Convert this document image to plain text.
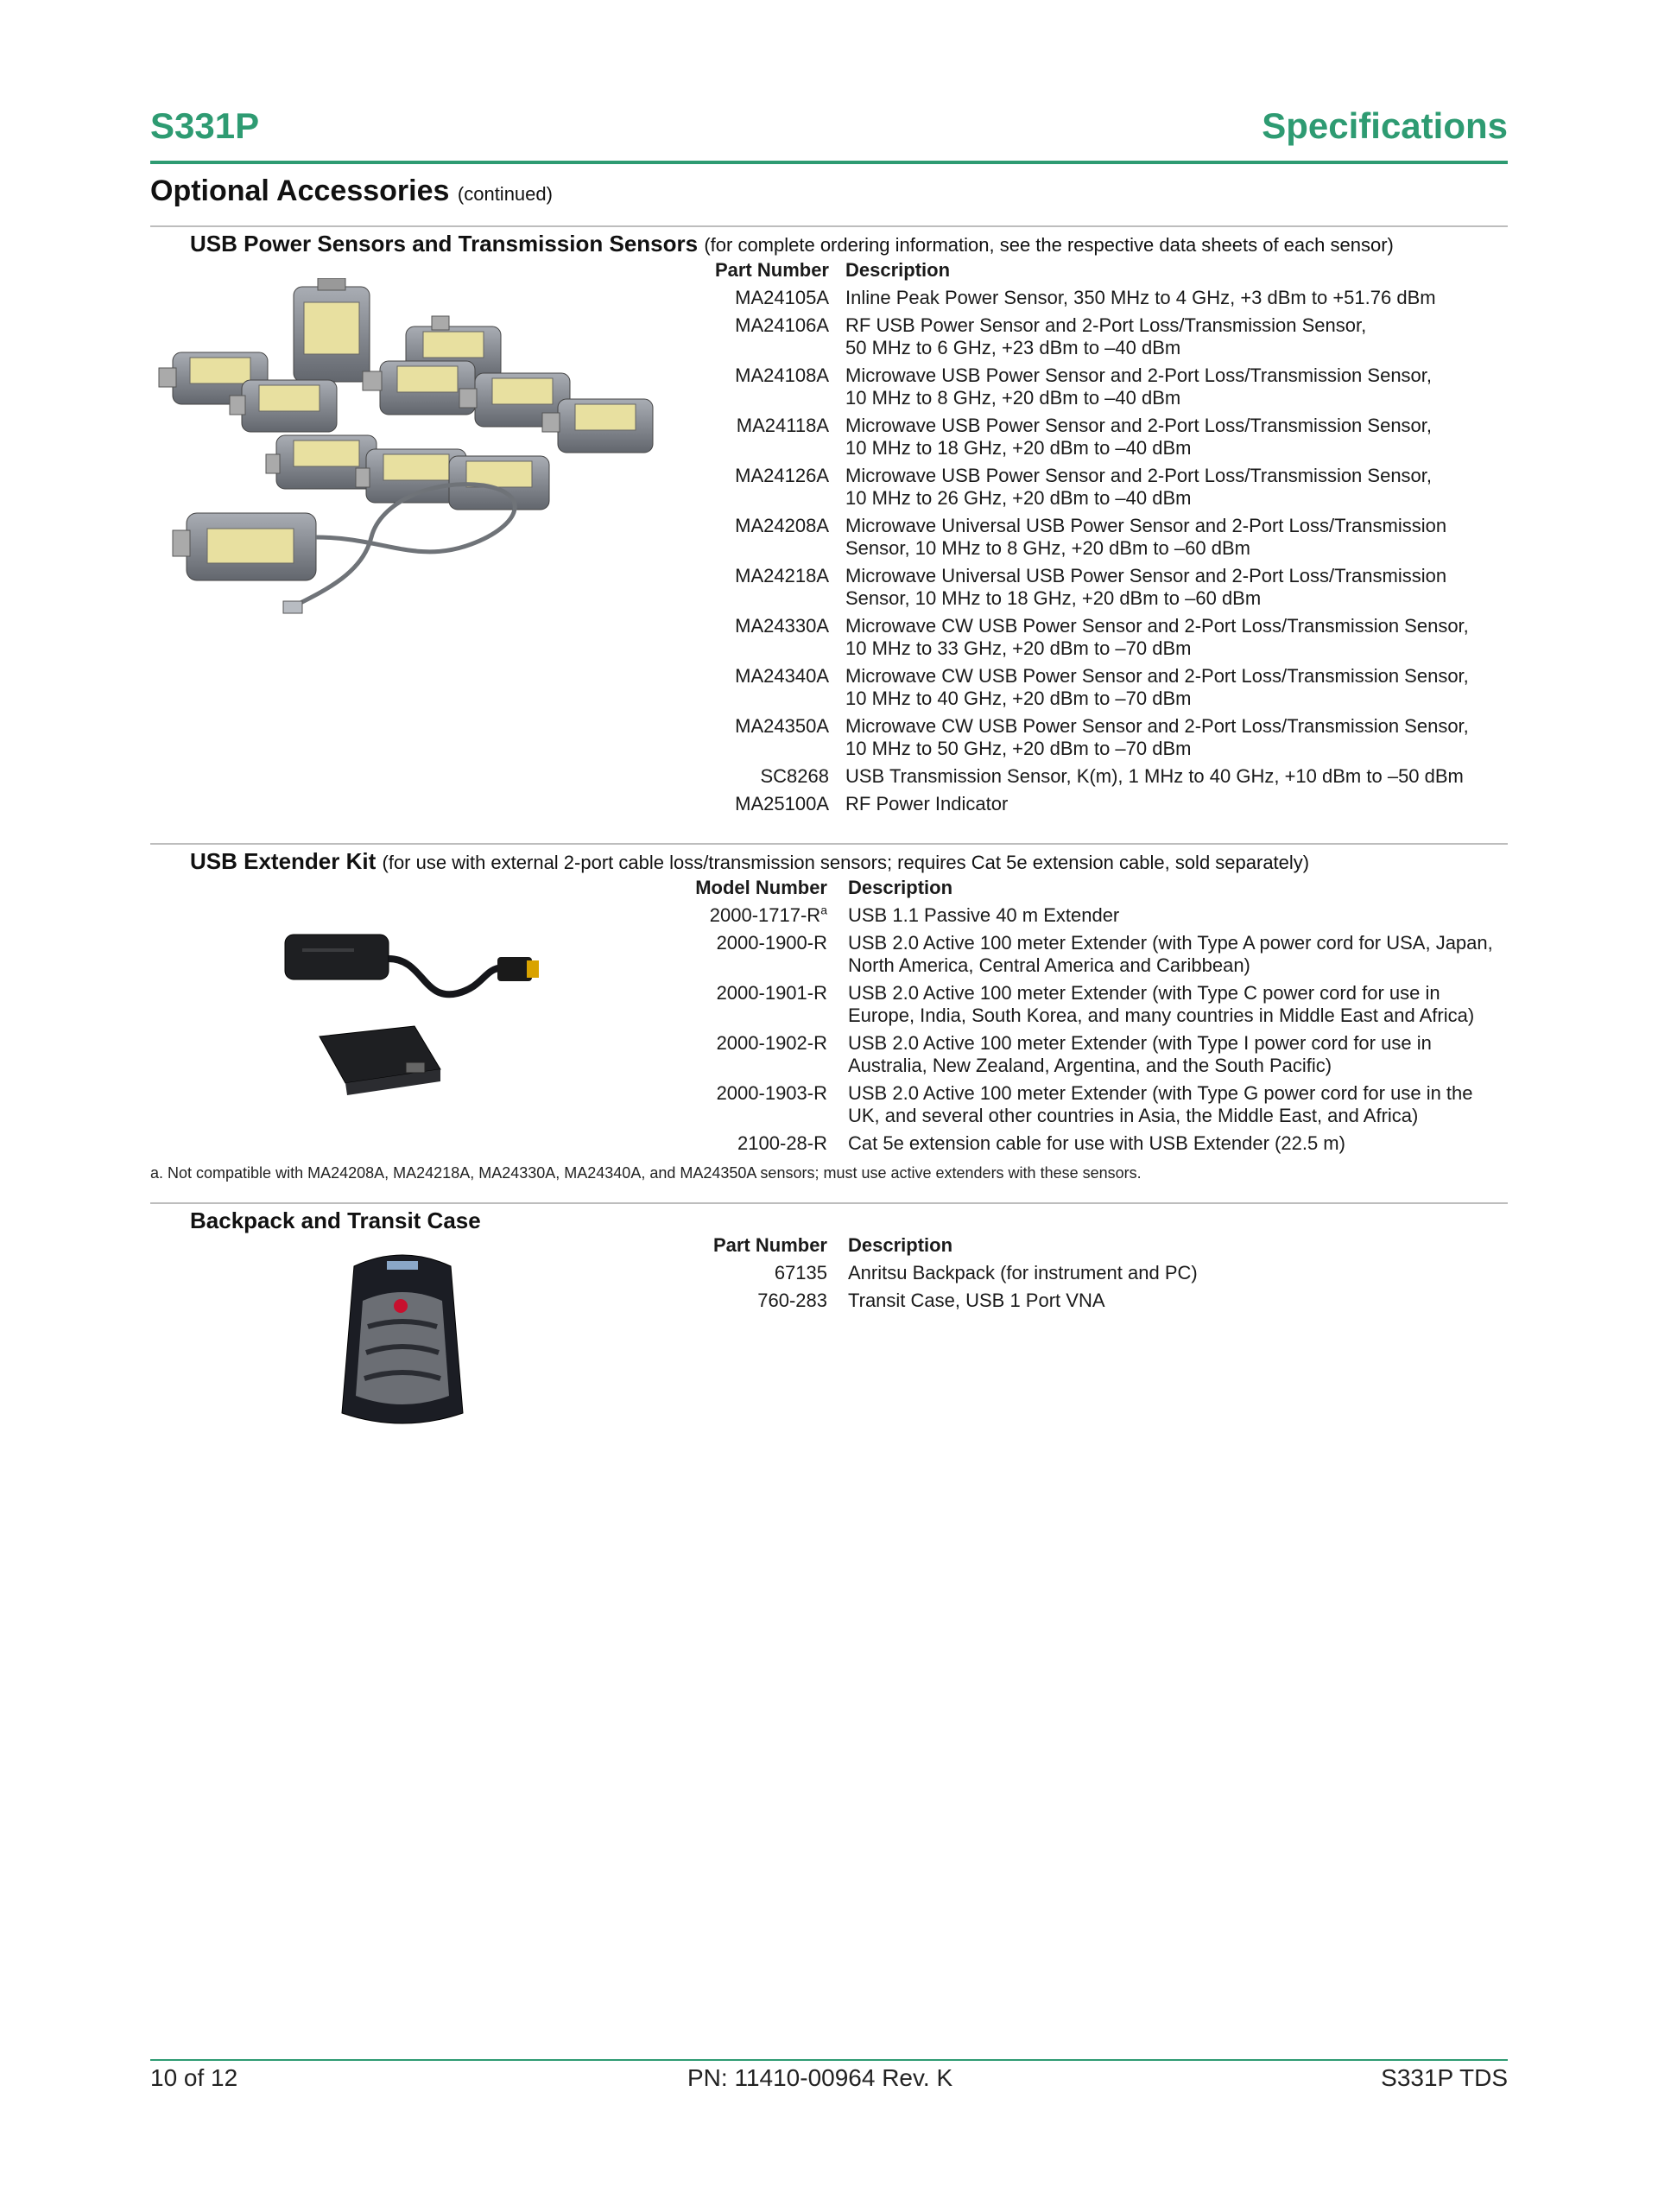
S331P	Specifications
Optional Accessories (continued)
USB Power Sensors and Transmission Sensors (for complete ordering information, see the respective data sheets of each sensor)
USB Extender Kit (for use with external 2-port cable loss/transmission sensors; requires Cat 5e extension cable, sold separately)
a. Not compatible with MA24208A, MA24218A, MA24330A, MA24340A, and MA24350A sensors; must use active extenders with these sensors.
Backpack and Transit Case
10 of 12	PN: 11410-00964 Rev. K	S331P TDS
Part Number Description
MA24105A Inline Peak Power Sensor, 350 MHz to 4 GHz, +3 dBm to +51.76 dBm
MA24106A RF USB Power Sensor and 2-Port Loss/Transmission Sensor,
50 MHz to 6 GHz, +23 dBm to –40 dBm
MA24108A Microwave USB Power Sensor and 2-Port Loss/Transmission Sensor,
10 MHz to 8 GHz, +20 dBm to –40 dBm
MA24118A Microwave USB Power Sensor and 2-Port Loss/Transmission Sensor,
10 MHz to 18 GHz, +20 dBm to –40 dBm
MA24126A Microwave USB Power Sensor and 2-Port Loss/Transmission Sensor,
10 MHz to 26 GHz, +20 dBm to –40 dBm
MA24208A Microwave Universal USB Power Sensor and 2-Port Loss/Transmission
Sensor, 10 MHz to 8 GHz, +20 dBm to –60 dBm
MA24218A Microwave Universal USB Power Sensor and 2-Port Loss/Transmission
Sensor, 10 MHz to 18 GHz, +20 dBm to –60 dBm
MA24330A Microwave CW USB Power Sensor and 2-Port Loss/Transmission Sensor,
10 MHz to 33 GHz, +20 dBm to –70 dBm
MA24340A Microwave CW USB Power Sensor and 2-Port Loss/Transmission Sensor,
10 MHz to 40 GHz, +20 dBm to –70 dBm
MA24350A Microwave CW USB Power Sensor and 2-Port Loss/Transmission Sensor,
10 MHz to 50 GHz, +20 dBm to –70 dBm
SC8268 USB Transmission Sensor, K(m), 1 MHz to 40 GHz, +10 dBm to –50 dBm
MA25100A RF Power Indicator
Model Number Description
$2000-1717-R^a$ USB 1.1 Passive 40 m Extender
2000-1900-R USB 2.0 Active 100 meter Extender (with Type A power cord for USA, Japan,
North America, Central America and Caribbean)
2000-1901-R USB 2.0 Active 100 meter Extender (with Type C power cord for use in
Europe, India, South Korea, and many countries in Middle East and Africa)
2000-1902-R USB 2.0 Active 100 meter Extender (with Type I power cord for use in
Australia, New Zealand, Argentina, and the South Pacific)
2000-1903-R USB 2.0 Active 100 meter Extender (with Type G power cord for use in the
UK, and several other countries in Asia, the Middle East, and Africa)
2100-28-R Cat 5e extension cable for use with USB Extender (22.5 m)
Part Number Description
67135 Anritsu Backpack (for instrument and PC)
760-283 Transit Case, USB 1 Port VNA
